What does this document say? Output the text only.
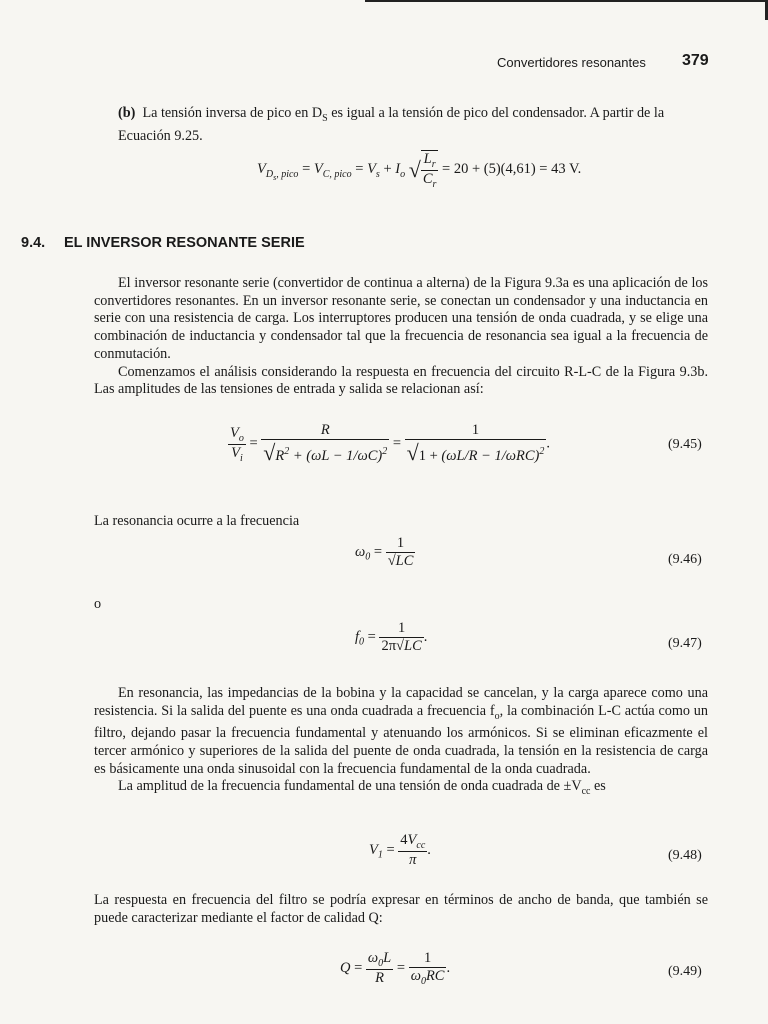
Convertidores resonantes 379
(b) La tensión inversa de pico en $D_S$ es igual a la tensión de pico del condensador. A partir de la
Ecuación 9.25.
$V_{D_s, pico} = V_{C, pico} = V_s + I_o$ √ $\frac{L_r}{C_r} = 20 + (5)(4,61) = 43$ V.
9.4. EL INVERSOR RESONANTE SERIE
El inversor resonante serie (convertidor de continua a alterna) de la Figura 9.3a es una aplicación de los convertidores resonantes. En un inversor resonante serie, se conectan un condensador y una inductancia en serie con una resistencia de carga. Los interruptores producen una tensión de onda cuadrada, y se elige una combinación de inductancia y condensador tal que la frecuencia de resonancia sea igual a la frecuencia de conmutación.
Comenzamos el análisis considerando la respuesta en frecuencia del circuito R-L-C de la Figura 9.3b. Las amplitudes de las tensiones de entrada y salida se relacionan así:
$\frac{V_o}{V_i} = \frac{R}{√R^2 + (\omega L - 1/\omega C)^2} = \frac{1}{√1 + (\omega L/R - 1/\omega RC)^2}$ .	(9.45)
La resonancia ocurre a la frecuencia
$\omega_0 = \frac{1}{√LC}$	(9.46)
o
$f_0 = \frac{1}{2\pi√LC}$ .	(9.47)
En resonancia, las impedancias de la bobina y la capacidad se cancelan, y la carga aparece como una resistencia. Si la salida del puente es una onda cuadrada a frecuencia $f_o$, la combinación L-C actúa como un filtro, dejando pasar la frecuencia fundamental y atenuando los armónicos. Si se eliminan eficazmente el tercer armónico y superiores de la salida del puente de onda cuadrada, la tensión en la resistencia de carga es básicamente una onda sinusoidal con la frecuencia fundamental de la onda cuadrada.
La amplitud de la frecuencia fundamental de una tensión de onda cuadrada de $\pm V_{cc}$ es
$V_1 = \frac{4V_{cc}}{\pi}$ .	(9.48)
La respuesta en frecuencia del filtro se podría expresar en términos de ancho de banda, que también se puede caracterizar mediante el factor de calidad Q:
$Q = \frac{\omega_0L}{R} = \frac{1}{\omega_0RC}$ .	(9.49)
